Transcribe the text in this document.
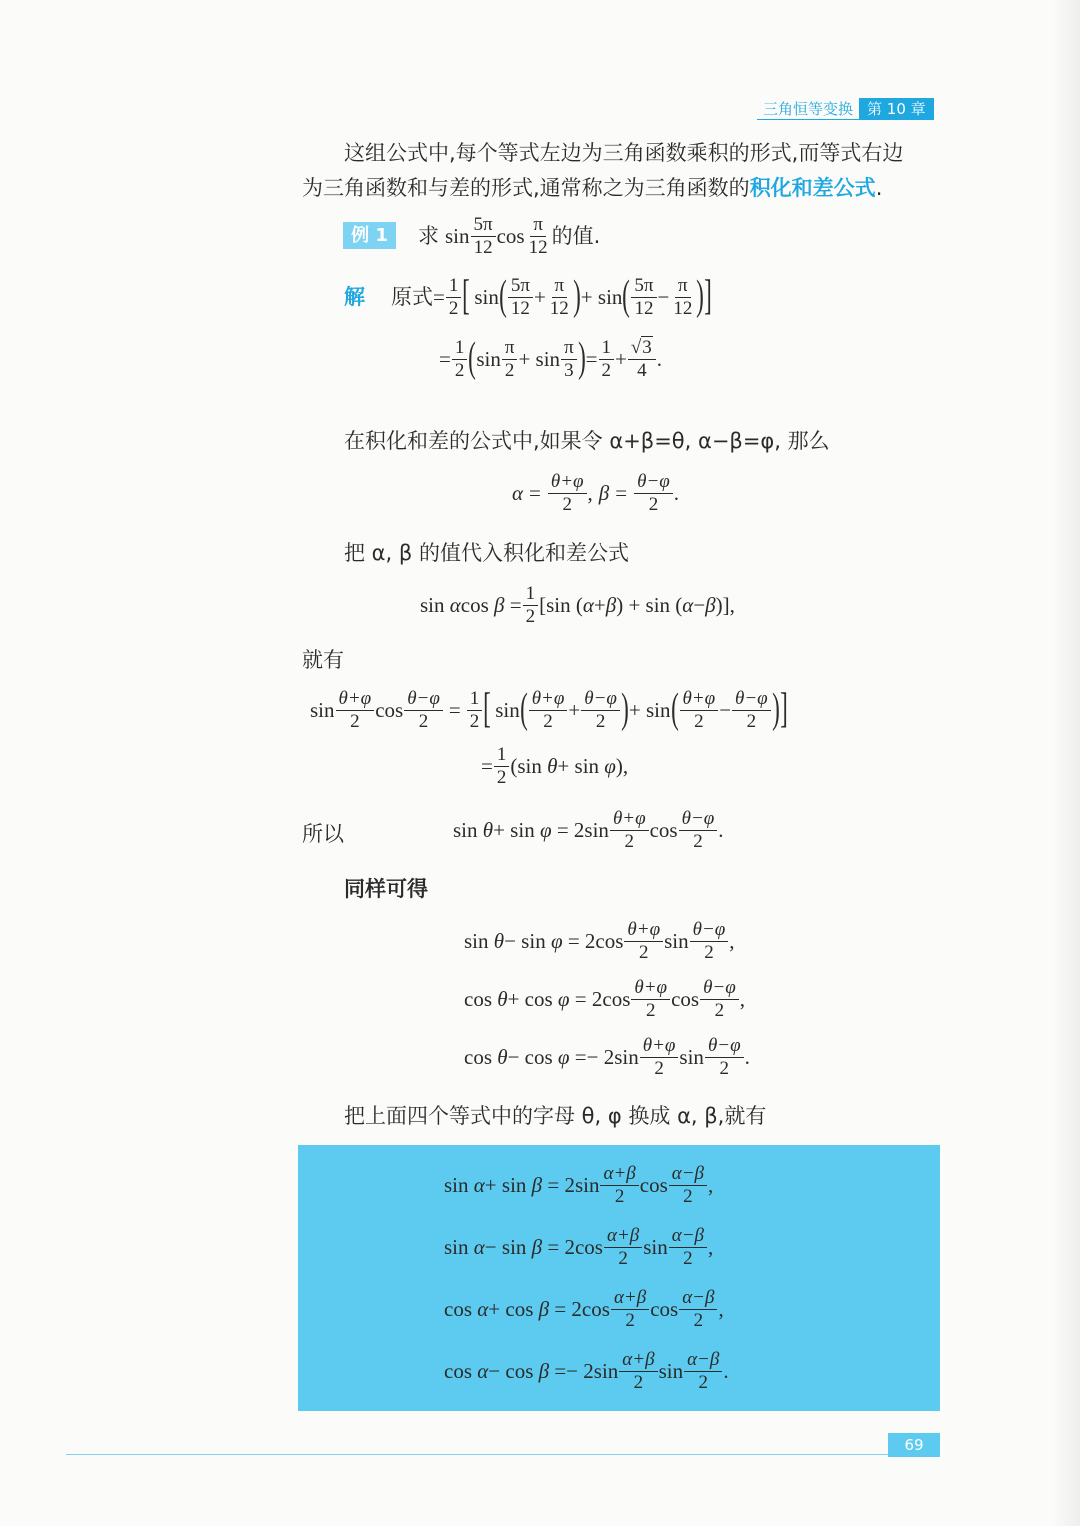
三角恒等变换 第 10 章

这组公式中,每个等式左边为三角函数乘积的形式,而等式右边

为三角函数和与差的形式,通常称之为三角函数的积化和差公式.

例 1	求 sin 5π
12 cos π
12 的值.
解 原式 = $\frac{1}{2}$ [ sin ( 5π
$12 + \frac{\pi}{12}$ ) + sin ( 5π
$12 - \frac{\pi}{12}$ ) ]
= $\frac{1}{2}$ ( sin π
2 + sin π
3 ) = $\frac{1}{2} + \frac{√3}{4}$ .

在积化和差的公式中,如果令 α+β=θ, α−β=φ, 那么

$\alpha = \frac{\theta+\varphi}{2}$ , $\beta = \frac{\theta-\varphi}{2}$ .

把 α, β 的值代入积化和差公式

sin αcos $\beta = \frac{1}{2} [\sin$ (α+β) + sin (α−β)],

就有

sin θ+φ
2 $\cos \frac{\theta-\varphi}{2} = \frac{1}{2}$ [ sin ( θ+φ
$2 + \frac{\theta-\varphi}{2}$ ) + sin ( θ+φ
$2 - \frac{\theta-\varphi}{2}$ ) ]
= $\frac{1}{2} (\sin$ θ+ sin φ),

所以	sin θ+ sin φ = 2sin θ+φ
2 cos θ−φ
2 .

同样可得

sin θ− sin φ = 2cos θ+φ
2 sin θ−φ
2 ,
cos θ+ cos φ = 2cos θ+φ
2 cos θ−φ
2 ,
cos θ− cos φ =− 2sin θ+φ
2 sin θ−φ
2 .

把上面四个等式中的字母 θ, φ 换成 α, β,就有

sin α+ sin β = 2sin α+β
2 cos α−β
2 ,
sin α− sin β = 2cos α+β
2 sin α−β
2 ,
cos α+ cos β = 2cos α+β
2 cos α−β
2 ,
cos α− cos β =− 2sin α+β
2 sin α−β
2 .
69
